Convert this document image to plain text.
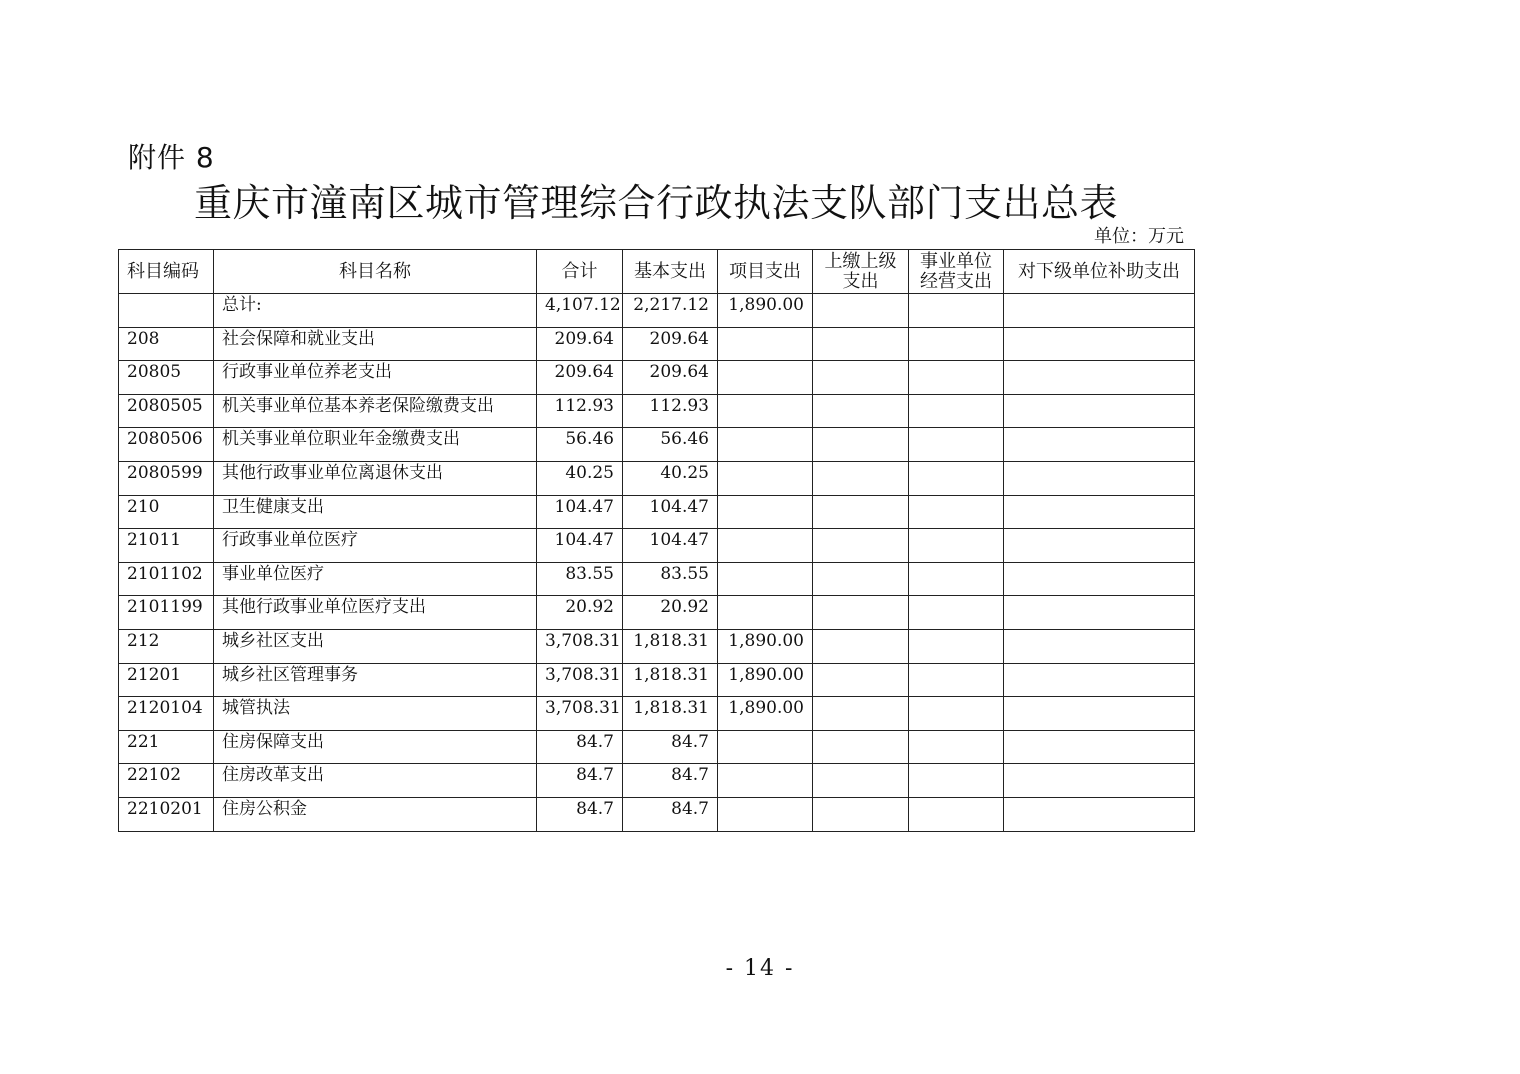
附件 8
重庆市潼南区城市管理综合行政执法支队部门支出总表
单位：万元
科目编码	科目名称	合计	基本支出	项目支出	上缴上级支出	事业单位经营支出	对下级单位补助支出
	总计:	4,107.12	2,217.12	1,890.00			
208	社会保障和就业支出	209.64	209.64				
20805	行政事业单位养老支出	209.64	209.64				
2080505	机关事业单位基本养老保险缴费支出	112.93	112.93				
2080506	机关事业单位职业年金缴费支出	56.46	56.46				
2080599	其他行政事业单位离退休支出	40.25	40.25				
210	卫生健康支出	104.47	104.47				
21011	行政事业单位医疗	104.47	104.47				
2101102	事业单位医疗	83.55	83.55				
2101199	其他行政事业单位医疗支出	20.92	20.92				
212	城乡社区支出	3,708.31	1,818.31	1,890.00			
21201	城乡社区管理事务	3,708.31	1,818.31	1,890.00			
2120104	城管执法	3,708.31	1,818.31	1,890.00			
221	住房保障支出	84.7	84.7				
22102	住房改革支出	84.7	84.7				
2210201	住房公积金	84.7	84.7				
- 14 -
